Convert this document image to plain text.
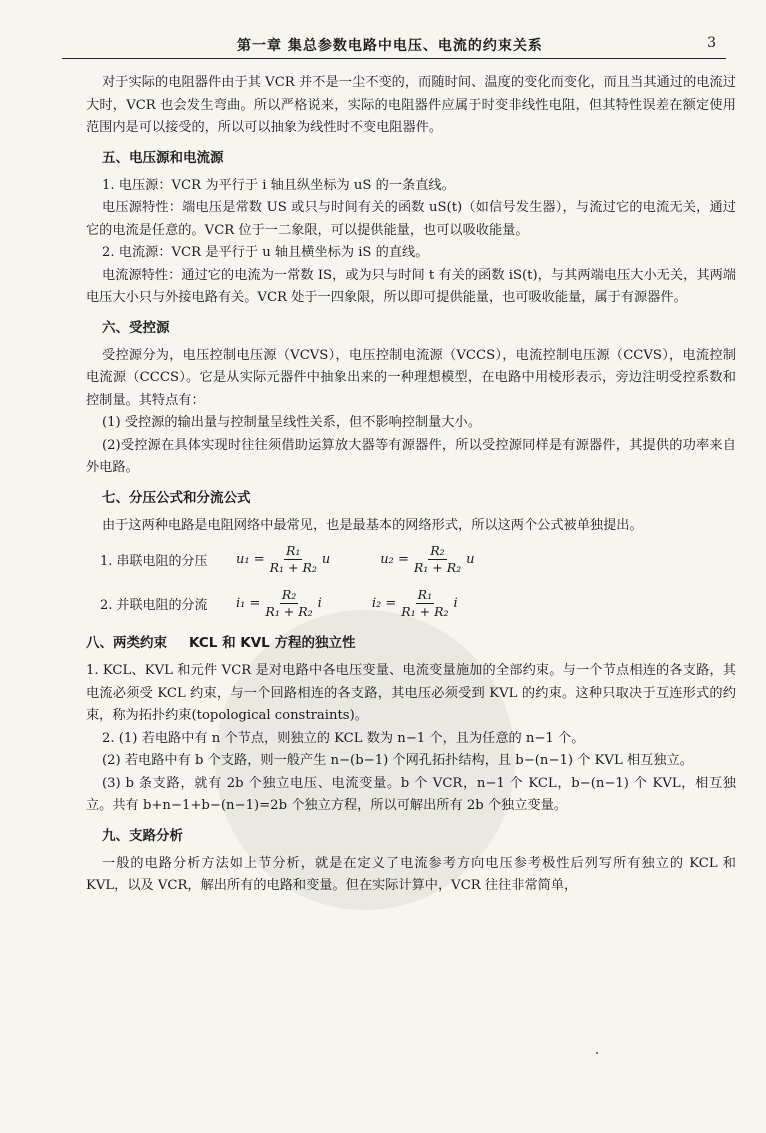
第一章 集总参数电路中电压、电流的约束关系	3

对于实际的电阻器件由于其 VCR 并不是一尘不变的，而随时间、温度的变化而变化，而且当其通过的电流过大时，VCR 也会发生弯曲。所以严格说来，实际的电阻器件应属于时变非线性电阻，但其特性误差在额定使用范围内是可以接受的，所以可以抽象为线性时不变电阻器件。

五、电压源和电流源

1. 电压源：VCR 为平行于 i 轴且纵坐标为 uS 的一条直线。

电压源特性：端电压是常数 US 或只与时间有关的函数 uS(t)（如信号发生器），与流过它的电流无关，通过它的电流是任意的。VCR 位于一二象限，可以提供能量，也可以吸收能量。

2. 电流源：VCR 是平行于 u 轴且横坐标为 iS 的直线。

电流源特性：通过它的电流为一常数 IS，或为只与时间 t 有关的函数 iS(t)，与其两端电压大小无关，其两端电压大小只与外接电路有关。VCR 处于一四象限，所以即可提供能量，也可吸收能量，属于有源器件。

六、受控源

受控源分为，电压控制电压源（VCVS），电压控制电流源（VCCS），电流控制电压源（CCVS），电流控制电流源（CCCS）。它是从实际元器件中抽象出来的一种理想模型，在电路中用棱形表示，旁边注明受控系数和控制量。其特点有：

(1) 受控源的输出量与控制量呈线性关系，但不影响控制量大小。

(2)受控源在具体实现时往往须借助运算放大器等有源器件，所以受控源同样是有源器件，其提供的功率来自外电路。

七、分压公式和分流公式

由于这两种电路是电阻网络中最常见，也是最基本的网络形式，所以这两个公式被单独提出。

1. 串联电阻的分压	$u_1 = \frac{\text{R₁}}{\text{R₁ + R₂}}$ u	$u_2 = \frac{\text{R₂}}{\text{R₁ + R₂}}$ u
2. 并联电阻的分流	$i_1 = \frac{\text{R₂}}{\text{R₁ + R₂}}$ i	$i_2 = \frac{\text{R₁}}{\text{R₁ + R₂}}$ i
八、两类约束 KCL 和 KVL 方程的独立性

1. KCL、KVL 和元件 VCR 是对电路中各电压变量、电流变量施加的全部约束。与一个节点相连的各支路，其电流必须受 KCL 约束，与一个回路相连的各支路，其电压必须受到 KVL 的约束。这种只取决于互连形式的约束，称为拓扑约束(topological constraints)。

2. (1) 若电路中有 n 个节点，则独立的 KCL 数为 n−1 个，且为任意的 n−1 个。

(2) 若电路中有 b 个支路，则一般产生 n−(b−1) 个网孔拓扑结构，且 b−(n−1) 个 KVL 相互独立。

(3) b 条支路，就有 2b 个独立电压、电流变量。b 个 VCR，n−1 个 KCL，b−(n−1) 个 KVL，相互独立。共有 b+n−1+b−(n−1)=2b 个独立方程，所以可解出所有 2b 个独立变量。

九、支路分析

一般的电路分析方法如上节分析，就是在定义了电流参考方向电压参考极性后列写所有独立的 KCL 和 KVL，以及 VCR，解出所有的电路和变量。但在实际计算中，VCR 往往非常简单，
